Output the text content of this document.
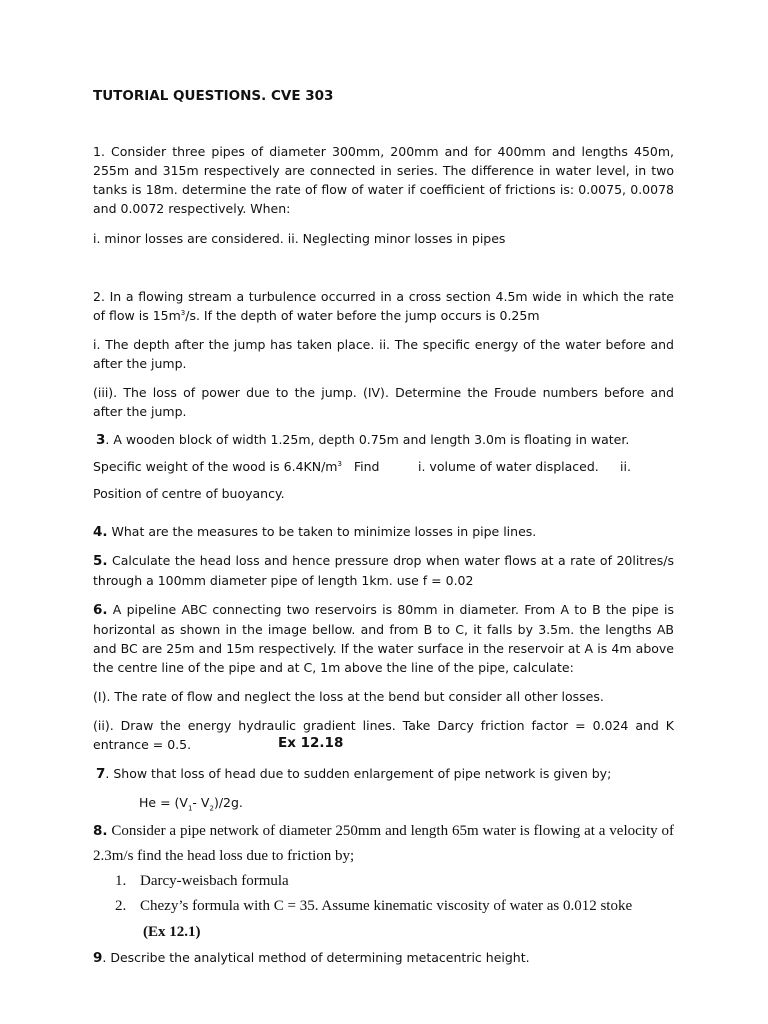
TUTORIAL QUESTIONS. CVE 303
1. Consider three pipes of diameter 300mm, 200mm and for 400mm and lengths 450m, 255m and 315m respectively are connected in series. The difference in water level, in two tanks is 18m. determine the rate of flow of water if coefficient of frictions is: 0.0075, 0.0078 and 0.0072 respectively. When:
i. minor losses are considered. ii. Neglecting minor losses in pipes
2. In a flowing stream a turbulence occurred in a cross section 4.5m wide in which the rate of flow is $15m^3/s$. If the depth of water before the jump occurs is 0.25m
i. The depth after the jump has taken place. ii. The specific energy of the water before and after the jump.
(iii). The loss of power due to the jump. (IV). Determine the Froude numbers before and after the jump.
3. A wooden block of width 1.25m, depth 0.75m and length 3.0m is floating in water.
Specific weight of the wood is $6.4KN/m^3$   Find	i. volume of water displaced. ii.
Position of centre of buoyancy.
4. What are the measures to be taken to minimize losses in pipe lines.
5. Calculate the head loss and hence pressure drop when water flows at a rate of 20litres/s through a 100mm diameter pipe of length 1km. use f = 0.02
6. A pipeline ABC connecting two reservoirs is 80mm in diameter. From A to B the pipe is horizontal as shown in the image bellow. and from B to C, it falls by 3.5m. the lengths AB and BC are 25m and 15m respectively. If the water surface in the reservoir at A is 4m above the centre line of the pipe and at C, 1m above the line of the pipe, calculate:
(I). The rate of flow and neglect the loss at the bend but consider all other losses.
(ii). Draw the energy hydraulic gradient lines. Take Darcy friction factor = 0.024 and K entrance = 0.5.	Ex 12.18
7. Show that loss of head due to sudden enlargement of pipe network is given by;
$He = (V_1-$ $V_2)/2g$.
8. Consider a pipe network of diameter 250mm and length 65m water is flowing at a velocity of 2.3m/s find the head loss due to friction by;
1. Darcy-weisbach formula
2. Chezy’s formula with C = 35. Assume kinematic viscosity of water as 0.012 stoke
(Ex 12.1)
9. Describe the analytical method of determining metacentric height.
